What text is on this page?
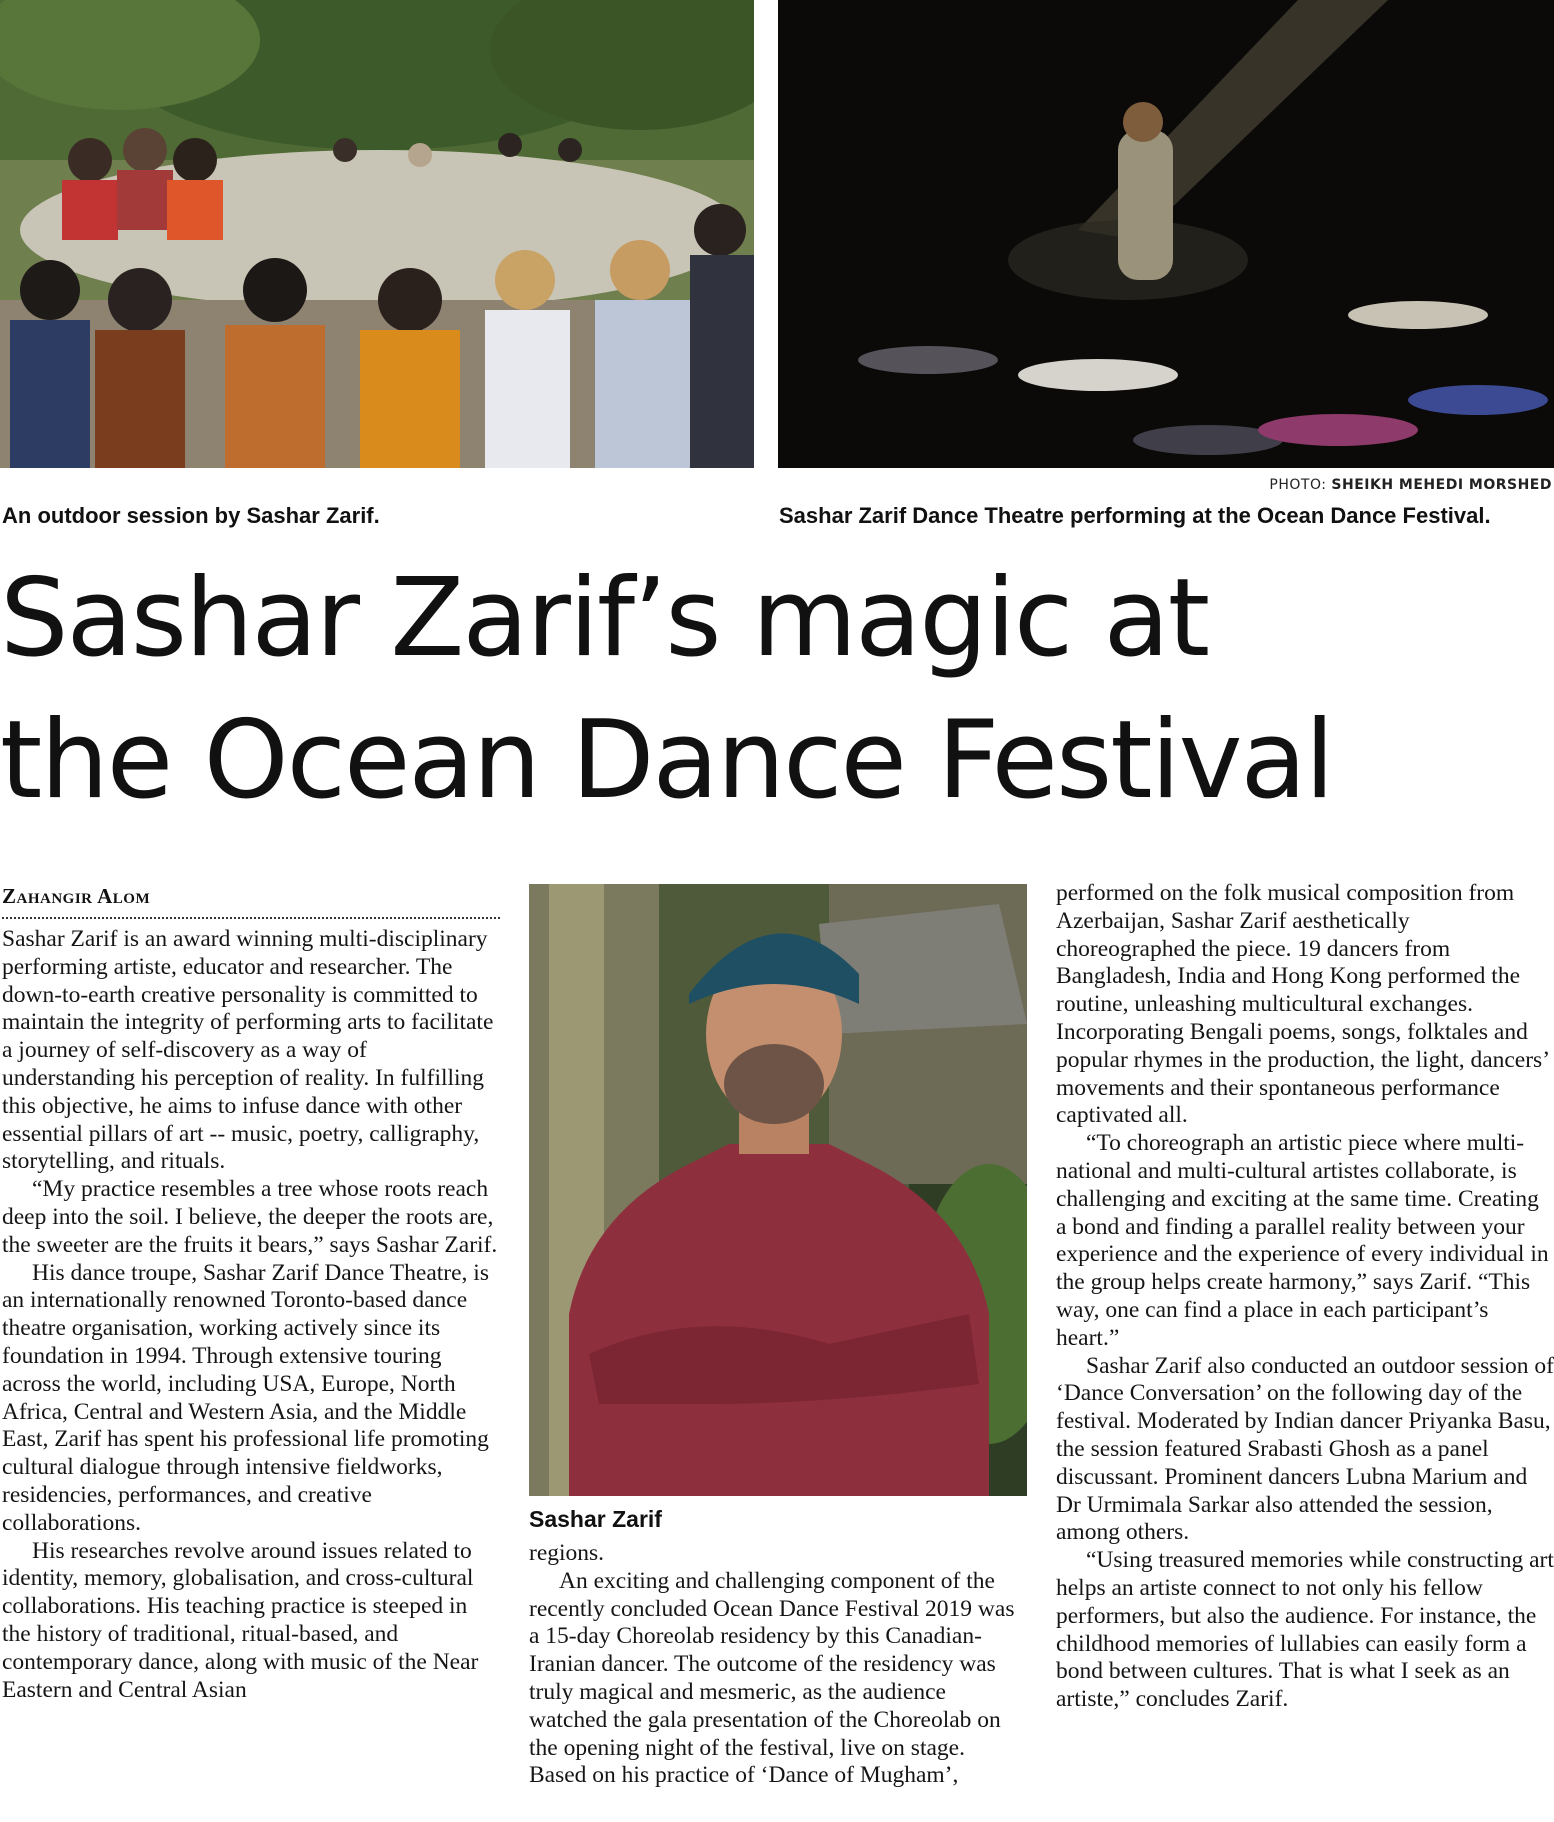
PHOTO: SHEIKH MEHEDI MORSHED
An outdoor session by Sashar Zarif.	Sashar Zarif Dance Theatre performing at the Ocean Dance Festival.
Sashar Zarif’s magic at
the Ocean Dance Festival
Zahangir Alom

Sashar Zarif is an award winning multi-disciplinary performing artiste, educator and researcher. The down-to-earth creative personality is committed to maintain the integrity of performing arts to facilitate a journey of self-discovery as a way of understanding his perception of reality. In fulfilling this objective, he aims to infuse dance with other essential pillars of art -- music, poetry, calligraphy, storytelling, and rituals.

“My practice resembles a tree whose roots reach deep into the soil. I believe, the deeper the roots are, the sweeter are the fruits it bears,” says Sashar Zarif.

His dance troupe, Sashar Zarif Dance Theatre, is an internationally renowned Toronto-based dance theatre organisation, working actively since its foundation in 1994. Through extensive touring across the world, including USA, Europe, North Africa, Central and Western Asia, and the Middle East, Zarif has spent his professional life promoting cultural dialogue through intensive fieldworks, residencies, performances, and creative collaborations.

His researches revolve around issues related to identity, memory, globalisation, and cross-cultural collaborations. His teaching practice is steeped in the history of traditional, ritual-based, and contemporary dance, along with music of the Near Eastern and Central Asian

Sashar Zarif

regions.

An exciting and challenging component of the recently concluded Ocean Dance Festival 2019 was a 15-day Choreolab residency by this Canadian-Iranian dancer. The outcome of the residency was truly magical and mesmeric, as the audience watched the gala presentation of the Choreolab on the opening night of the festival, live on stage. Based on his practice of ‘Dance of Mugham’,

performed on the folk musical composition from Azerbaijan, Sashar Zarif aesthetically choreographed the piece. 19 dancers from Bangladesh, India and Hong Kong performed the routine, unleashing multicultural exchanges. Incorporating Bengali poems, songs, folktales and popular rhymes in the production, the light, dancers’ movements and their spontaneous performance captivated all.

“To choreograph an artistic piece where multi-national and multi-cultural artistes collaborate, is challenging and exciting at the same time. Creating a bond and finding a parallel reality between your experience and the experience of every individual in the group helps create harmony,” says Zarif. “This way, one can find a place in each participant’s heart.”

Sashar Zarif also conducted an outdoor session of ‘Dance Conversation’ on the following day of the festival. Moderated by Indian dancer Priyanka Basu, the session featured Srabasti Ghosh as a panel discussant. Prominent dancers Lubna Marium and Dr Urmimala Sarkar also attended the session, among others.

“Using treasured memories while constructing art helps an artiste connect to not only his fellow performers, but also the audience. For instance, the childhood memories of lullabies can easily form a bond between cultures. That is what I seek as an artiste,” concludes Zarif.
